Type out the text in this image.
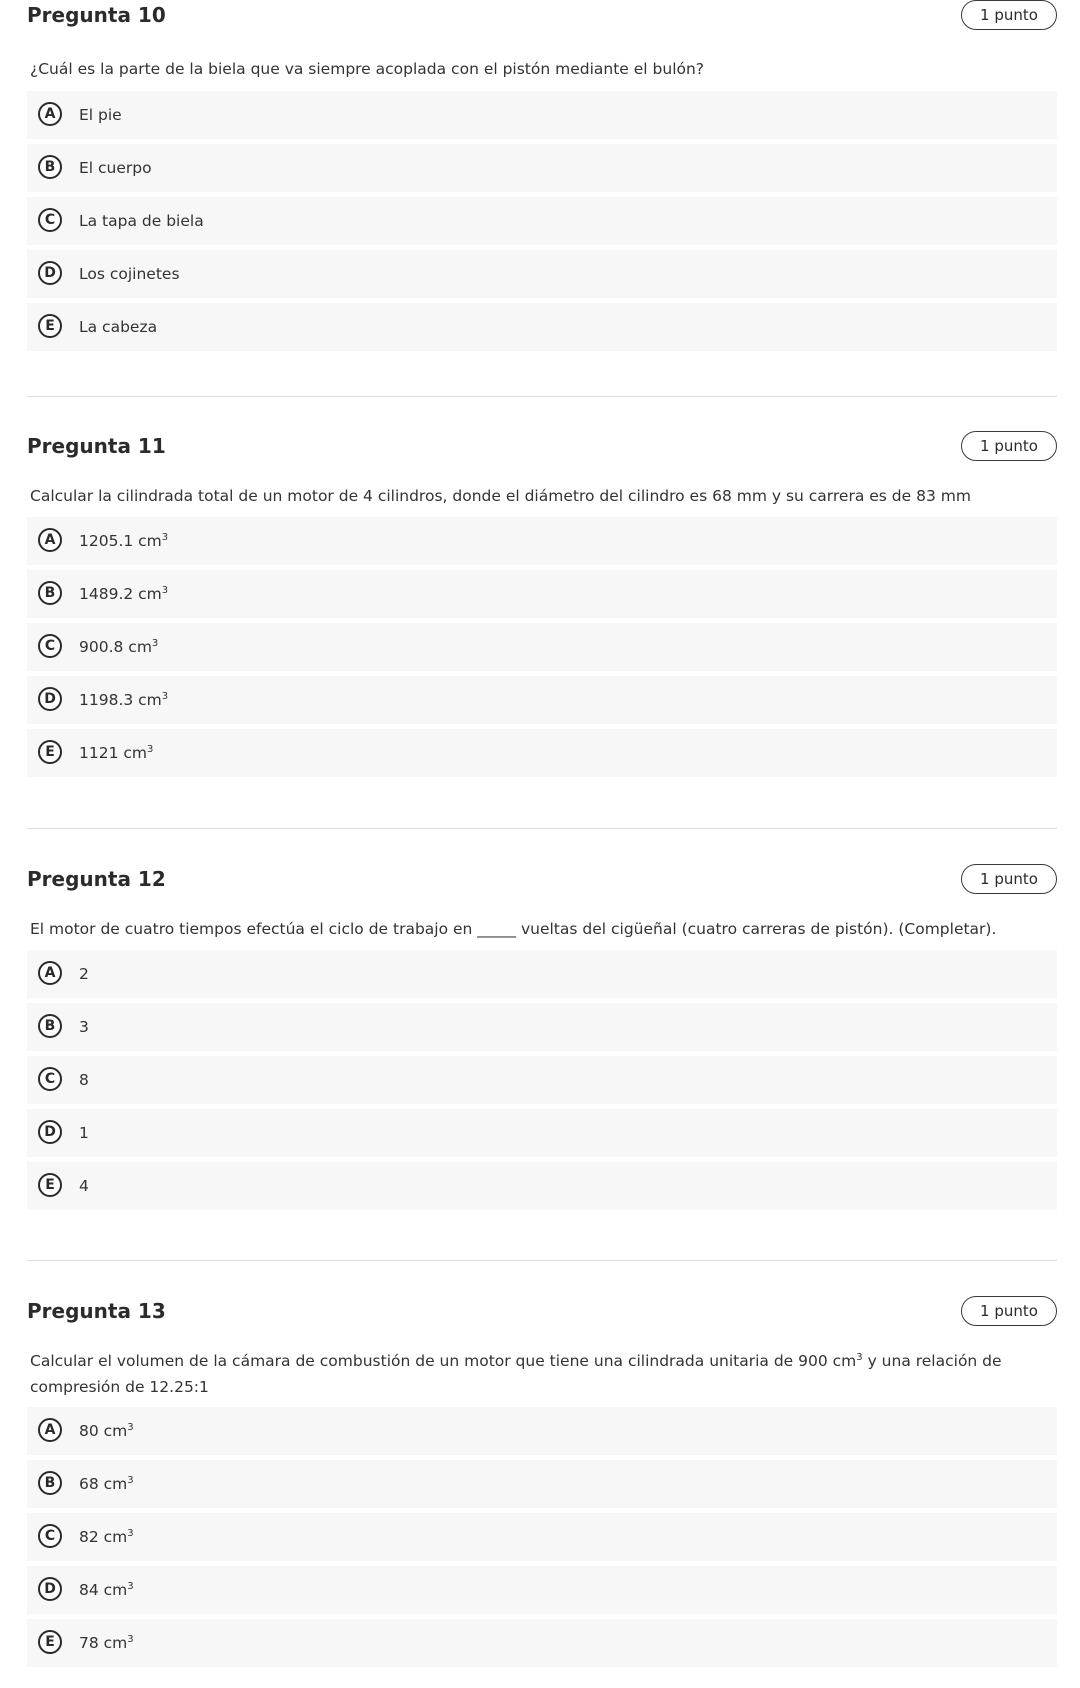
Pregunta 10	1 punto

¿Cuál es la parte de la biela que va siempre acoplada con el pistón mediante el bulón?

A	El pie
B	El cuerpo
C	La tapa de biela
D	Los cojinetes
E	La cabeza
Pregunta 11	1 punto

Calcular la cilindrada total de un motor de 4 cilindros, donde el diámetro del cilindro es 68 mm y su carrera es de 83 mm

A	1205.1 $cm^3$
B	1489.2 $cm^3$
C	900.8 $cm^3$
D	1198.3 $cm^3$
E	1121 $cm^3$
Pregunta 12	1 punto

El motor de cuatro tiempos efectúa el ciclo de trabajo en _____ vueltas del cigüeñal (cuatro carreras de pistón). (Completar).

A	2
B	3
C	8
D	1
E	4
Pregunta 13	1 punto

Calcular el volumen de la cámara de combustión de un motor que tiene una cilindrada unitaria de 900 $cm^3$ y una relación de compresión de 12.25:1

A	80 $cm^3$
B	68 $cm^3$
C	82 $cm^3$
D	84 $cm^3$
E	78 $cm^3$
